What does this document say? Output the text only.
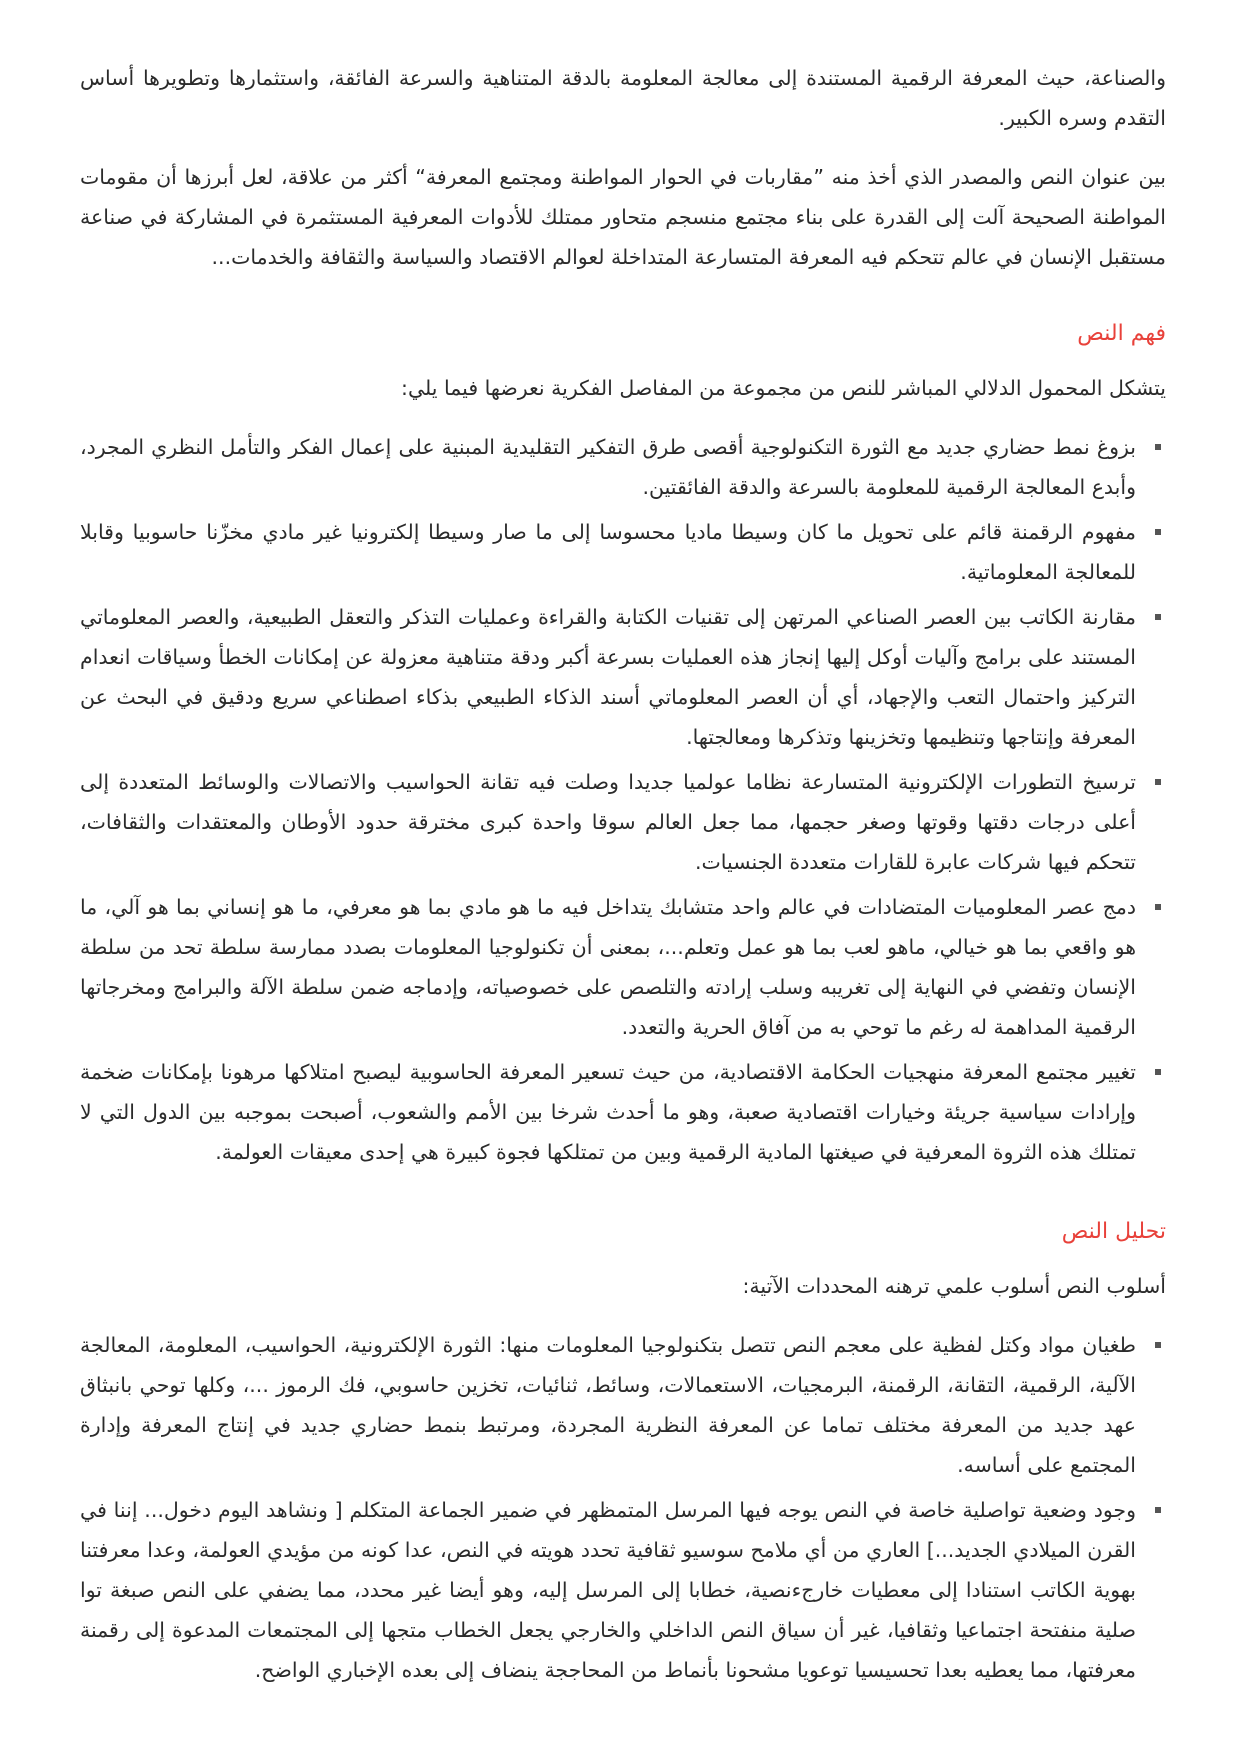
والصناعة، حيث المعرفة الرقمية المستندة إلى معالجة المعلومة بالدقة المتناهية والسرعة الفائقة، واستثمارها وتطويرها أساس التقدم وسره الكبير.

بين عنوان النص والمصدر الذي أخذ منه ”مقاربات في الحوار المواطنة ومجتمع المعرفة“ أكثر من علاقة، لعل أبرزها أن مقومات المواطنة الصحيحة آلت إلى القدرة على بناء مجتمع منسجم متحاور ممتلك للأدوات المعرفية المستثمرة في المشاركة في صناعة مستقبل الإنسان في عالم تتحكم فيه المعرفة المتسارعة المتداخلة لعوالم الاقتصاد والسياسة والثقافة والخدمات...

فهم النص

يتشكل المحمول الدلالي المباشر للنص من مجموعة من المفاصل الفكرية نعرضها فيما يلي:

بزوغ نمط حضاري جديد مع الثورة التكنولوجية أقصى طرق التفكير التقليدية المبنية على إعمال الفكر والتأمل النظري المجرد، وأبدع المعالجة الرقمية للمعلومة بالسرعة والدقة الفائقتين.
مفهوم الرقمنة قائم على تحويل ما كان وسيطا ماديا محسوسا إلى ما صار وسيطا إلكترونيا غير مادي مخزّنا حاسوبيا وقابلا للمعالجة المعلوماتية.
مقارنة الكاتب بين العصر الصناعي المرتهن إلى تقنيات الكتابة والقراءة وعمليات التذكر والتعقل الطبيعية، والعصر المعلوماتي المستند على برامج وآليات أوكل إليها إنجاز هذه العمليات بسرعة أكبر ودقة متناهية معزولة عن إمكانات الخطأ وسياقات انعدام التركيز واحتمال التعب والإجهاد، أي أن العصر المعلوماتي أسند الذكاء الطبيعي بذكاء اصطناعي سريع ودقيق في البحث عن المعرفة وإنتاجها وتنظيمها وتخزينها وتذكرها ومعالجتها.
ترسيخ التطورات الإلكترونية المتسارعة نظاما عولميا جديدا وصلت فيه تقانة الحواسيب والاتصالات والوسائط المتعددة إلى أعلى درجات دقتها وقوتها وصغر حجمها، مما جعل العالم سوقا واحدة كبرى مخترقة حدود الأوطان والمعتقدات والثقافات، تتحكم فيها شركات عابرة للقارات متعددة الجنسيات.
دمج عصر المعلوميات المتضادات في عالم واحد متشابك يتداخل فيه ما هو مادي بما هو معرفي، ما هو إنساني بما هو آلي، ما هو واقعي بما هو خيالي، ماهو لعب بما هو عمل وتعلم...، بمعنى أن تكنولوجيا المعلومات بصدد ممارسة سلطة تحد من سلطة الإنسان وتفضي في النهاية إلى تغريبه وسلب إرادته والتلصص على خصوصياته، وإدماجه ضمن سلطة الآلة والبرامج ومخرجاتها الرقمية المداهمة له رغم ما توحي به من آفاق الحرية والتعدد.
تغيير مجتمع المعرفة منهجيات الحكامة الاقتصادية، من حيث تسعير المعرفة الحاسوبية ليصبح امتلاكها مرهونا بإمكانات ضخمة وإرادات سياسية جريئة وخيارات اقتصادية صعبة، وهو ما أحدث شرخا بين الأمم والشعوب، أصبحت بموجبه بين الدول التي لا تمتلك هذه الثروة المعرفية في صيغتها المادية الرقمية وبين من تمتلكها فجوة كبيرة هي إحدى معيقات العولمة.
تحليل النص

أسلوب النص أسلوب علمي ترهنه المحددات الآتية:

طغيان مواد وكتل لفظية على معجم النص تتصل بتكنولوجيا المعلومات منها: الثورة الإلكترونية، الحواسيب، المعلومة، المعالجة الآلية، الرقمية، التقانة، الرقمنة، البرمجيات، الاستعمالات، وسائط، ثنائيات، تخزين حاسوبي، فك الرموز ...، وكلها توحي بانبثاق عهد جديد من المعرفة مختلف تماما عن المعرفة النظرية المجردة، ومرتبط بنمط حضاري جديد في إنتاج المعرفة وإدارة المجتمع على أساسه.
وجود وضعية تواصلية خاصة في النص يوجه فيها المرسل المتمظهر في ضمير الجماعة المتكلم [ ونشاهد اليوم دخول... إننا في القرن الميلادي الجديد...] العاري من أي ملامح سوسيو ثقافية تحدد هويته في النص، عدا كونه من مؤيدي العولمة، وعدا معرفتنا بهوية الكاتب استنادا إلى معطيات خارجءنصية، خطابا إلى المرسل إليه، وهو أيضا غير محدد، مما يضفي على النص صبغة توا صلية منفتحة اجتماعيا وثقافيا، غير أن سياق النص الداخلي والخارجي يجعل الخطاب متجها إلى المجتمعات المدعوة إلى رقمنة معرفتها، مما يعطيه بعدا تحسيسيا توعويا مشحونا بأنماط من المحاججة ينضاف إلى بعده الإخباري الواضح.
